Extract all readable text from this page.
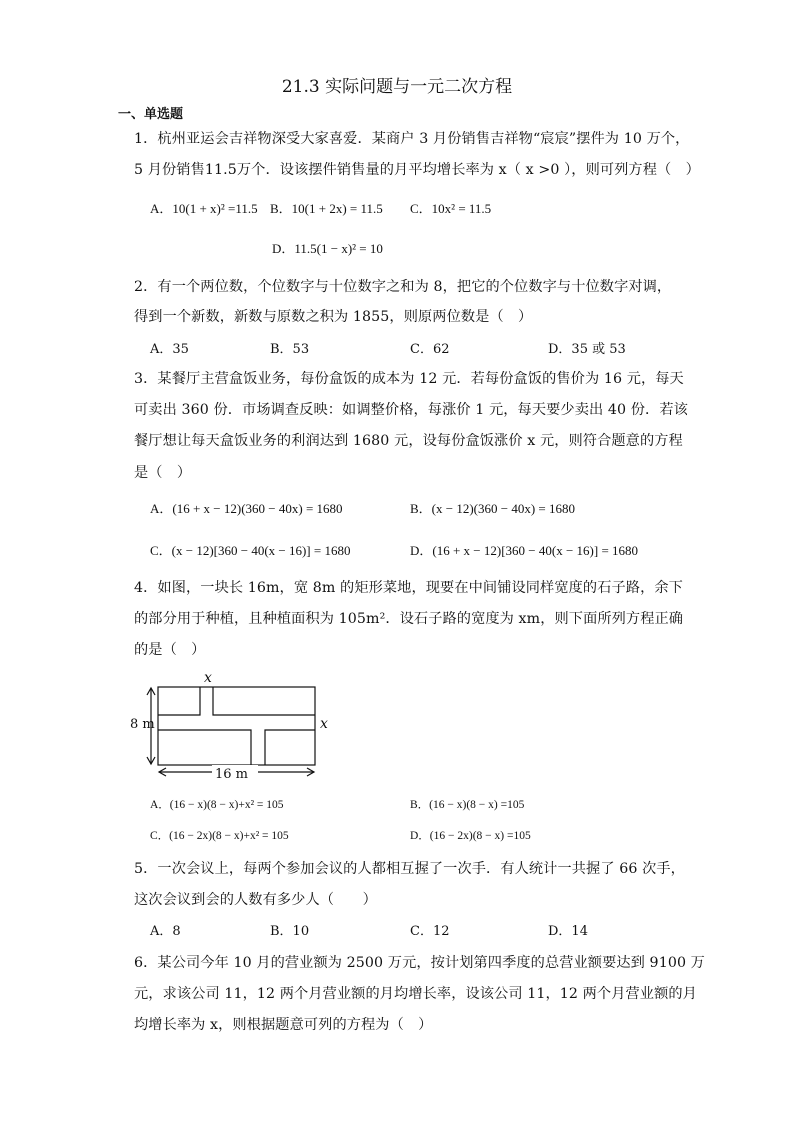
21.3 实际问题与一元二次方程
一、单选题
1．杭州亚运会吉祥物深受大家喜爱．某商户 3 月份销售吉祥物“宸宸”摆件为 10 万个，
5 月份销售11.5万个．设该摆件销售量的月平均增长率为 x（ x >0 ），则可列方程（　）
A．10(1 + x)² =11.5 B．10(1 + 2x) = 11.5 C．10x² = 11.5
D．11.5(1 − x)² = 10
2．有一个两位数，个位数字与十位数字之和为 8，把它的个位数字与十位数字对调，
得到一个新数，新数与原数之积为 1855，则原两位数是（　）
A．35	B．53	C．62	D．35 或 53
3．某餐厅主营盒饭业务，每份盒饭的成本为 12 元．若每份盒饭的售价为 16 元，每天
可卖出 360 份．市场调查反映：如调整价格，每涨价 1 元，每天要少卖出 40 份．若该
餐厅想让每天盒饭业务的利润达到 1680 元，设每份盒饭涨价 x 元，则符合题意的方程
是（　）
A．(16 + x − 12)(360 − 40x) = 1680	B．(x − 12)(360 − 40x) = 1680
C．(x − 12)[360 − 40(x − 16)] = 1680	D．(16 + x − 12)[360 − 40(x − 16)] = 1680
4．如图，一块长 16m，宽 8m 的矩形菜地，现要在中间铺设同样宽度的石子路，余下
的部分用于种植，且种植面积为 105m²．设石子路的宽度为 xm，则下面所列方程正确
的是（　）
x
x
8 m
16 m
A．(16 − x)(8 − x)+x² = 105	B．(16 − x)(8 − x) =105
C．(16 − 2x)(8 − x)+x² = 105	D．(16 − 2x)(8 − x) =105
5．一次会议上，每两个参加会议的人都相互握了一次手．有人统计一共握了 66 次手，
这次会议到会的人数有多少人（　　）
A．8	B．10	C．12	D．14
6．某公司今年 10 月的营业额为 2500 万元，按计划第四季度的总营业额要达到 9100 万
元，求该公司 11，12 两个月营业额的月均增长率，设该公司 11，12 两个月营业额的月
均增长率为 x，则根据题意可列的方程为（　）
